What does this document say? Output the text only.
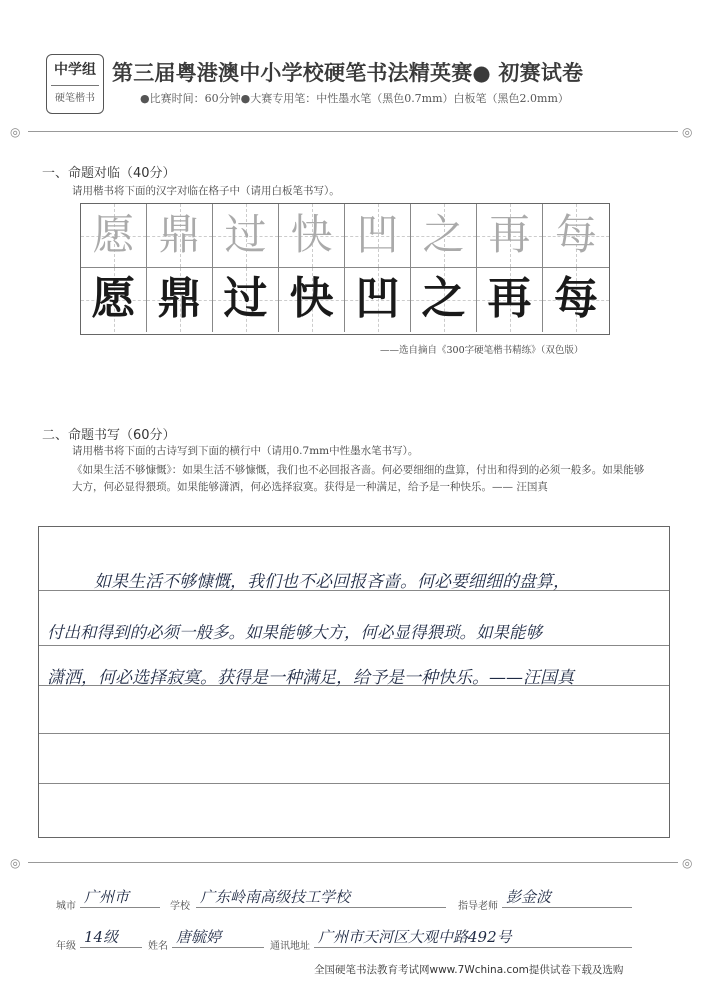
中学组
硬笔楷书
第三届粤港澳中小学校硬笔书法精英赛● 初赛试卷
●比赛时间：60分钟●大赛专用笔：中性墨水笔（黑色0.7mm）白板笔（黑色2.0mm）
◎	◎
一、命题对临（40分）
请用楷书将下面的汉字对临在格子中（请用白板笔书写）。
愿 鼎 过 快 凹 之 再 每
愿 鼎 过 快 凹 之 再 每
——选自摘自《300字硬笔楷书精练》（双色版）
二、命题书写（60分）
请用楷书将下面的古诗写到下面的横行中（请用0.7mm中性墨水笔书写）。
《如果生活不够慷慨》：如果生活不够慷慨，我们也不必回报吝啬。何必要细细的盘算，付出和得到的必须一般多。如果能够大方，何必显得猥琐。如果能够潇洒，何必选择寂寞。获得是一种满足，给予是一种快乐。—— 汪国真
如果生活不够慷慨，我们也不必回报吝啬。何必要细细的盘算，
付出和得到的必须一般多。如果能够大方，何必显得猥琐。如果能够
潇洒，何必选择寂寞。获得是一种满足，给予是一种快乐。——汪国真
◎	◎
城市
广州市
学校
广东岭南高级技工学校
指导老师
彭金波
年级
14级
姓名
唐毓婷
通讯地址
广州市天河区大观中路492号
全国硬笔书法教育考试网www.7Wchina.com提供试卷下载及选购
